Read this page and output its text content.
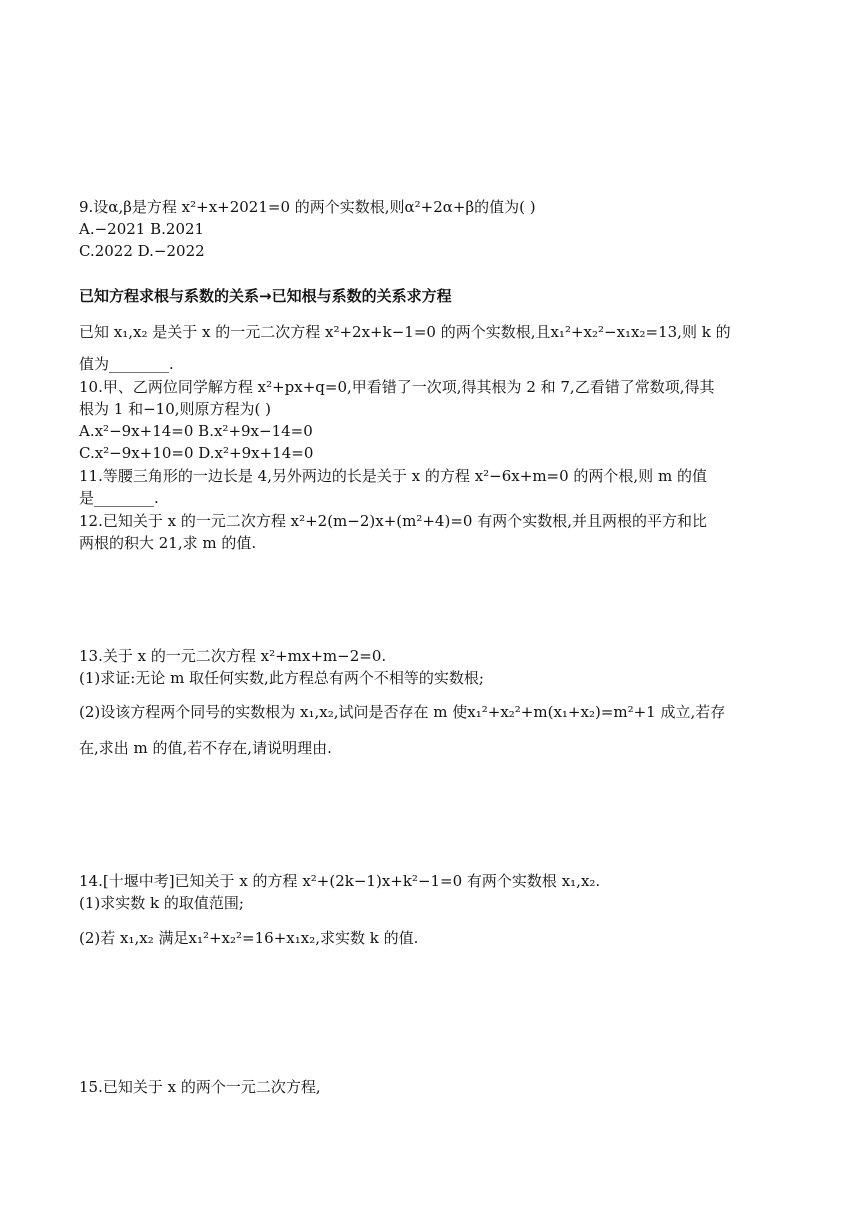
9.设α,β是方程 x²+x+2021=0 的两个实数根,则α²+2α+β的值为( )
A.−2021 B.2021
C.2022 D.−2022
已知方程求根与系数的关系→已知根与系数的关系求方程
已知 x₁,x₂ 是关于 x 的一元二次方程 x²+2x+k−1=0 的两个实数根,且x₁²+x₂²−x₁x₂=13,则 k 的
值为________.
10.甲、乙两位同学解方程 x²+px+q=0,甲看错了一次项,得其根为 2 和 7,乙看错了常数项,得其
根为 1 和−10,则原方程为( )
A.x²−9x+14=0 B.x²+9x−14=0
C.x²−9x+10=0 D.x²+9x+14=0
11.等腰三角形的一边长是 4,另外两边的长是关于 x 的方程 x²−6x+m=0 的两个根,则 m 的值
是________.
12.已知关于 x 的一元二次方程 x²+2(m−2)x+(m²+4)=0 有两个实数根,并且两根的平方和比
两根的积大 21,求 m 的值.
13.关于 x 的一元二次方程 x²+mx+m−2=0.
(1)求证:无论 m 取任何实数,此方程总有两个不相等的实数根;
(2)设该方程两个同号的实数根为 x₁,x₂,试问是否存在 m 使x₁²+x₂²+m(x₁+x₂)=m²+1 成立,若存
在,求出 m 的值,若不存在,请说明理由.
14.[十堰中考]已知关于 x 的方程 x²+(2k−1)x+k²−1=0 有两个实数根 x₁,x₂.
(1)求实数 k 的取值范围;
(2)若 x₁,x₂ 满足x₁²+x₂²=16+x₁x₂,求实数 k 的值.
15.已知关于 x 的两个一元二次方程,
